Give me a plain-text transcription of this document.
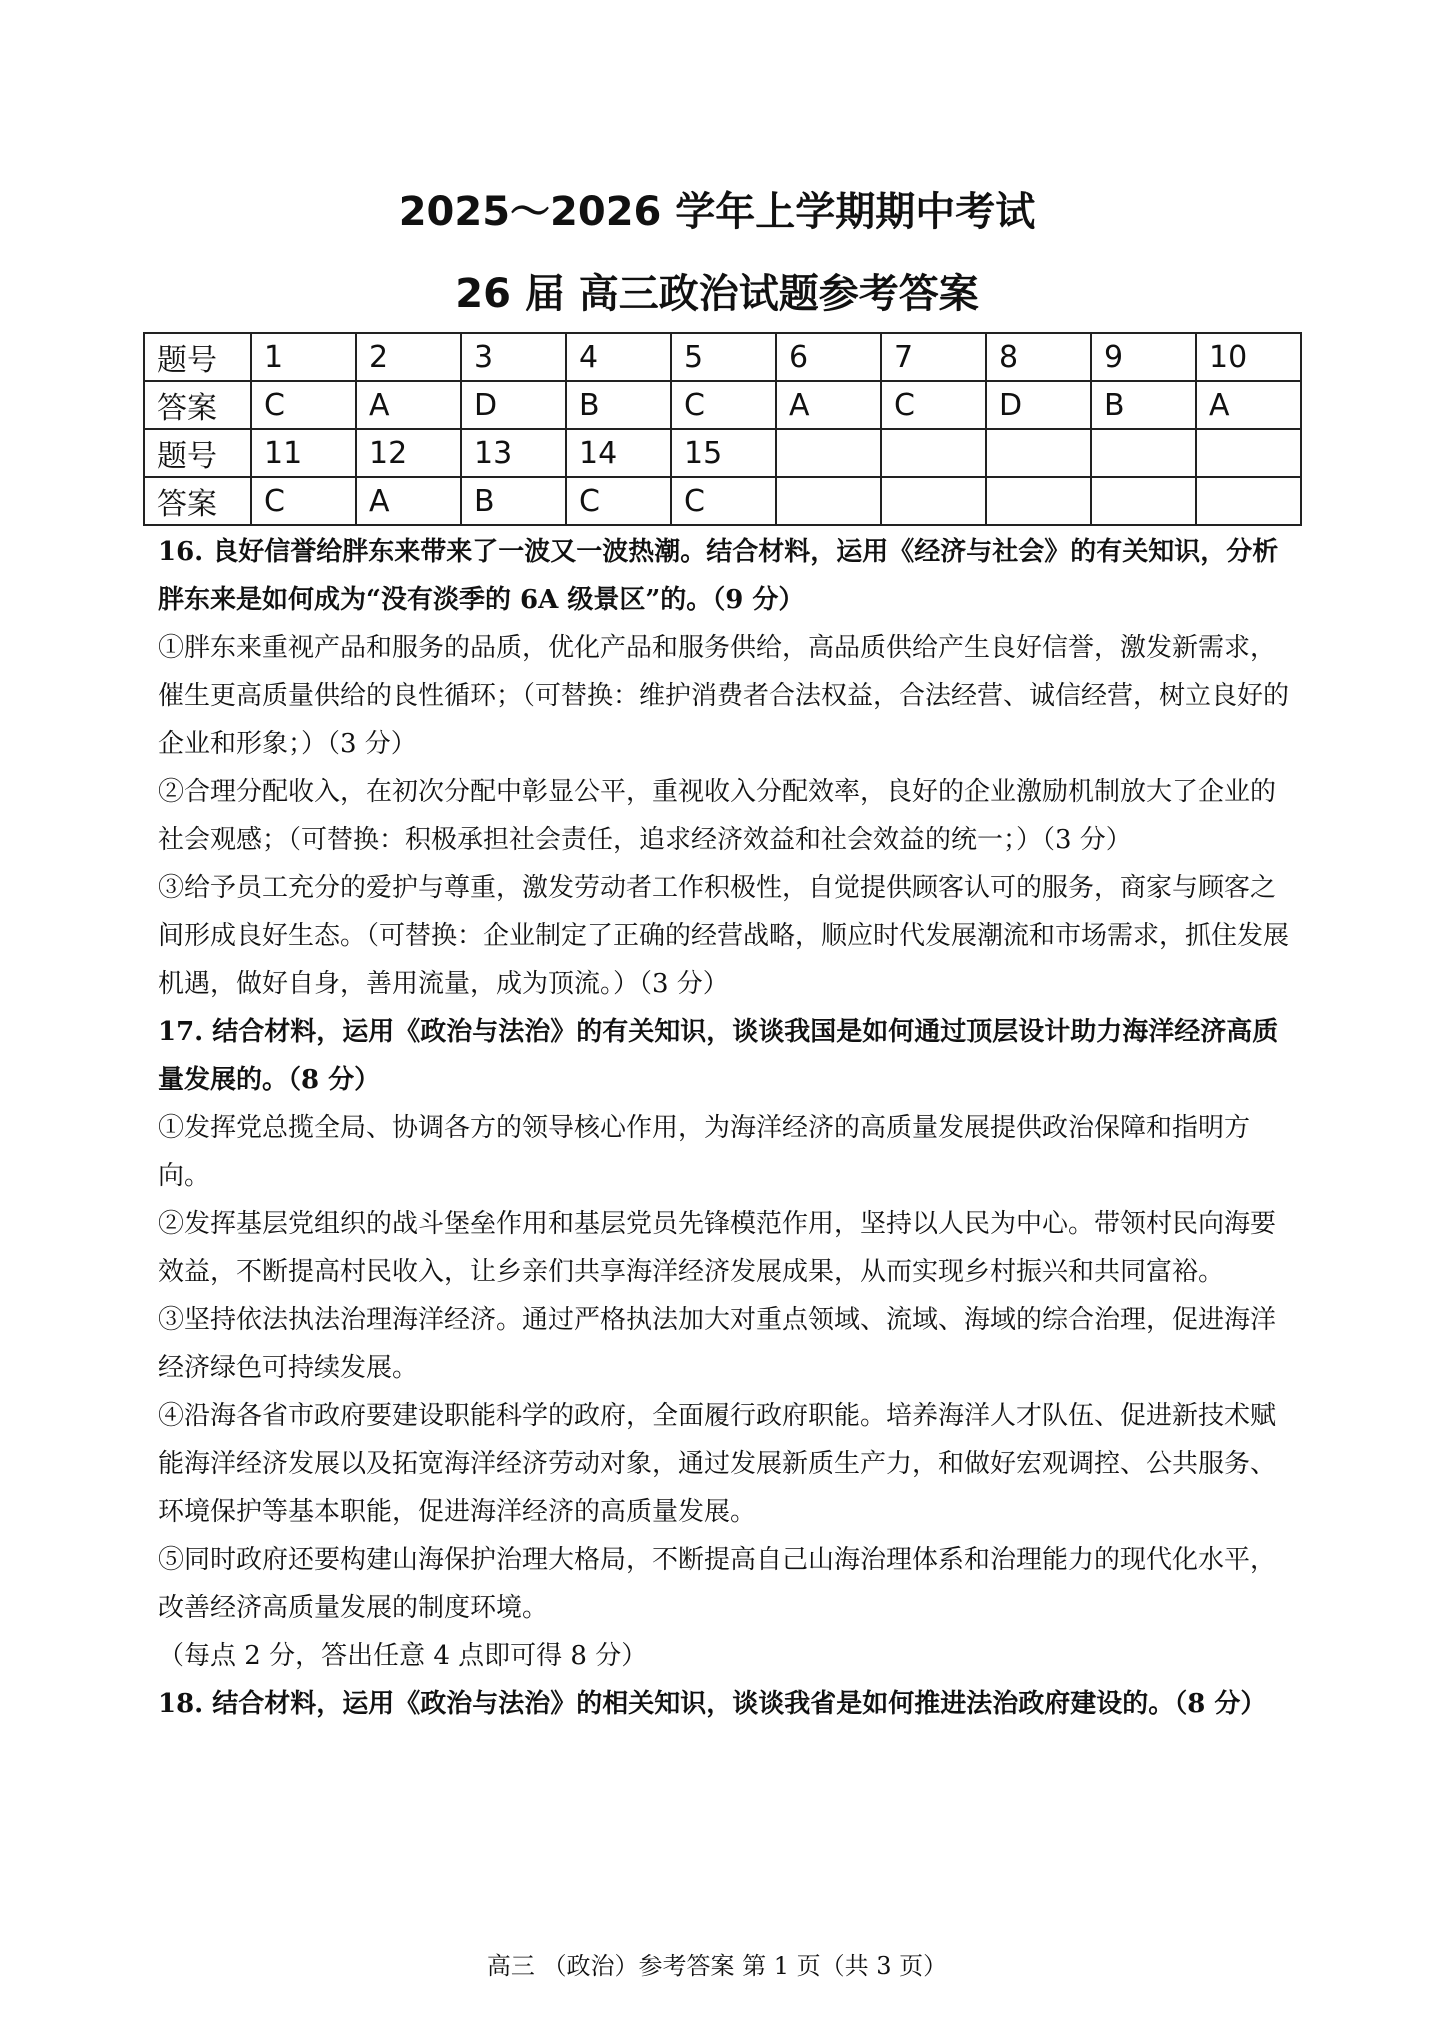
2025～2026 学年上学期期中考试
26 届 高三政治试题参考答案
题号	1	2	3	4	5	6	7	8	9	10
答案	C	A	D	B	C	A	C	D	B	A
题号	11	12	13	14	15					
答案	C	A	B	C	C					

16. 良好信誉给胖东来带来了一波又一波热潮。结合材料，运用《经济与社会》的有关知识，分析胖东来是如何成为“没有淡季的 6A 级景区”的。（9 分）

①胖东来重视产品和服务的品质，优化产品和服务供给，高品质供给产生良好信誉，激发新需求，催生更高质量供给的良性循环；（可替换：维护消费者合法权益，合法经营、诚信经营，树立良好的企业和形象；）（3 分）

②合理分配收入，在初次分配中彰显公平，重视收入分配效率，良好的企业激励机制放大了企业的社会观感；（可替换：积极承担社会责任，追求经济效益和社会效益的统一；）（3 分）

③给予员工充分的爱护与尊重，激发劳动者工作积极性，自觉提供顾客认可的服务，商家与顾客之间形成良好生态。（可替换：企业制定了正确的经营战略，顺应时代发展潮流和市场需求，抓住发展机遇，做好自身，善用流量，成为顶流。）（3 分）

17. 结合材料，运用《政治与法治》的有关知识，谈谈我国是如何通过顶层设计助力海洋经济高质量发展的。（8 分）

①发挥党总揽全局、协调各方的领导核心作用，为海洋经济的高质量发展提供政治保障和指明方向。

②发挥基层党组织的战斗堡垒作用和基层党员先锋模范作用，坚持以人民为中心。带领村民向海要效益，不断提高村民收入，让乡亲们共享海洋经济发展成果，从而实现乡村振兴和共同富裕。

③坚持依法执法治理海洋经济。通过严格执法加大对重点领域、流域、海域的综合治理，促进海洋经济绿色可持续发展。

④沿海各省市政府要建设职能科学的政府，全面履行政府职能。培养海洋人才队伍、促进新技术赋能海洋经济发展以及拓宽海洋经济劳动对象，通过发展新质生产力，和做好宏观调控、公共服务、环境保护等基本职能，促进海洋经济的高质量发展。

⑤同时政府还要构建山海保护治理大格局，不断提高自己山海治理体系和治理能力的现代化水平，改善经济高质量发展的制度环境。

（每点 2 分，答出任意 4 点即可得 8 分）

18. 结合材料，运用《政治与法治》的相关知识，谈谈我省是如何推进法治政府建设的。（8 分）

高三 （政治）参考答案 第 1 页（共 3 页）
